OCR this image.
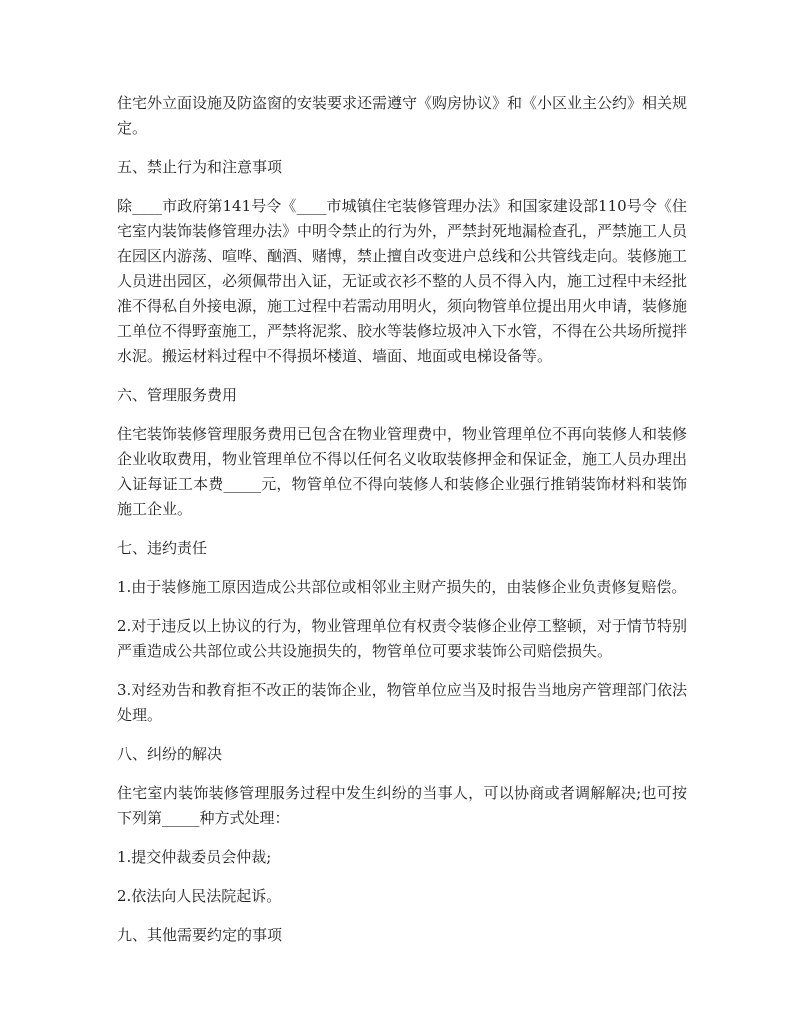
住宅外立面设施及防盗窗的安装要求还需遵守《购房协议》和《小区业主公约》相关规定。

五、禁止行为和注意事项

除____市政府第141号令《____市城镇住宅装修管理办法》和国家建设部110号令《住宅室内装饰装修管理办法》中明令禁止的行为外，严禁封死地漏检查孔，严禁施工人员在园区内游荡、喧哗、酗酒、赌博，禁止擅自改变进户总线和公共管线走向。装修施工人员进出园区，必须佩带出入证，无证或衣衫不整的人员不得入内，施工过程中未经批准不得私自外接电源，施工过程中若需动用明火，须向物管单位提出用火申请，装修施工单位不得野蛮施工，严禁将泥浆、胶水等装修垃圾冲入下水管，不得在公共场所搅拌水泥。搬运材料过程中不得损坏楼道、墙面、地面或电梯设备等。

六、管理服务费用

住宅装饰装修管理服务费用已包含在物业管理费中，物业管理单位不再向装修人和装修企业收取费用，物业管理单位不得以任何名义收取装修押金和保证金，施工人员办理出入证每证工本费_____元，物管单位不得向装修人和装修企业强行推销装饰材料和装饰施工企业。

七、违约责任

1.由于装修施工原因造成公共部位或相邻业主财产损失的，由装修企业负责修复赔偿。

2.对于违反以上协议的行为，物业管理单位有权责令装修企业停工整顿，对于情节特别严重造成公共部位或公共设施损失的，物管单位可要求装饰公司赔偿损失。

3.对经劝告和教育拒不改正的装饰企业，物管单位应当及时报告当地房产管理部门依法处理。

八、纠纷的解决

住宅室内装饰装修管理服务过程中发生纠纷的当事人，可以协商或者调解解决;也可按下列第_____种方式处理：

1.提交仲裁委员会仲裁;

2.依法向人民法院起诉。

九、其他需要约定的事项
